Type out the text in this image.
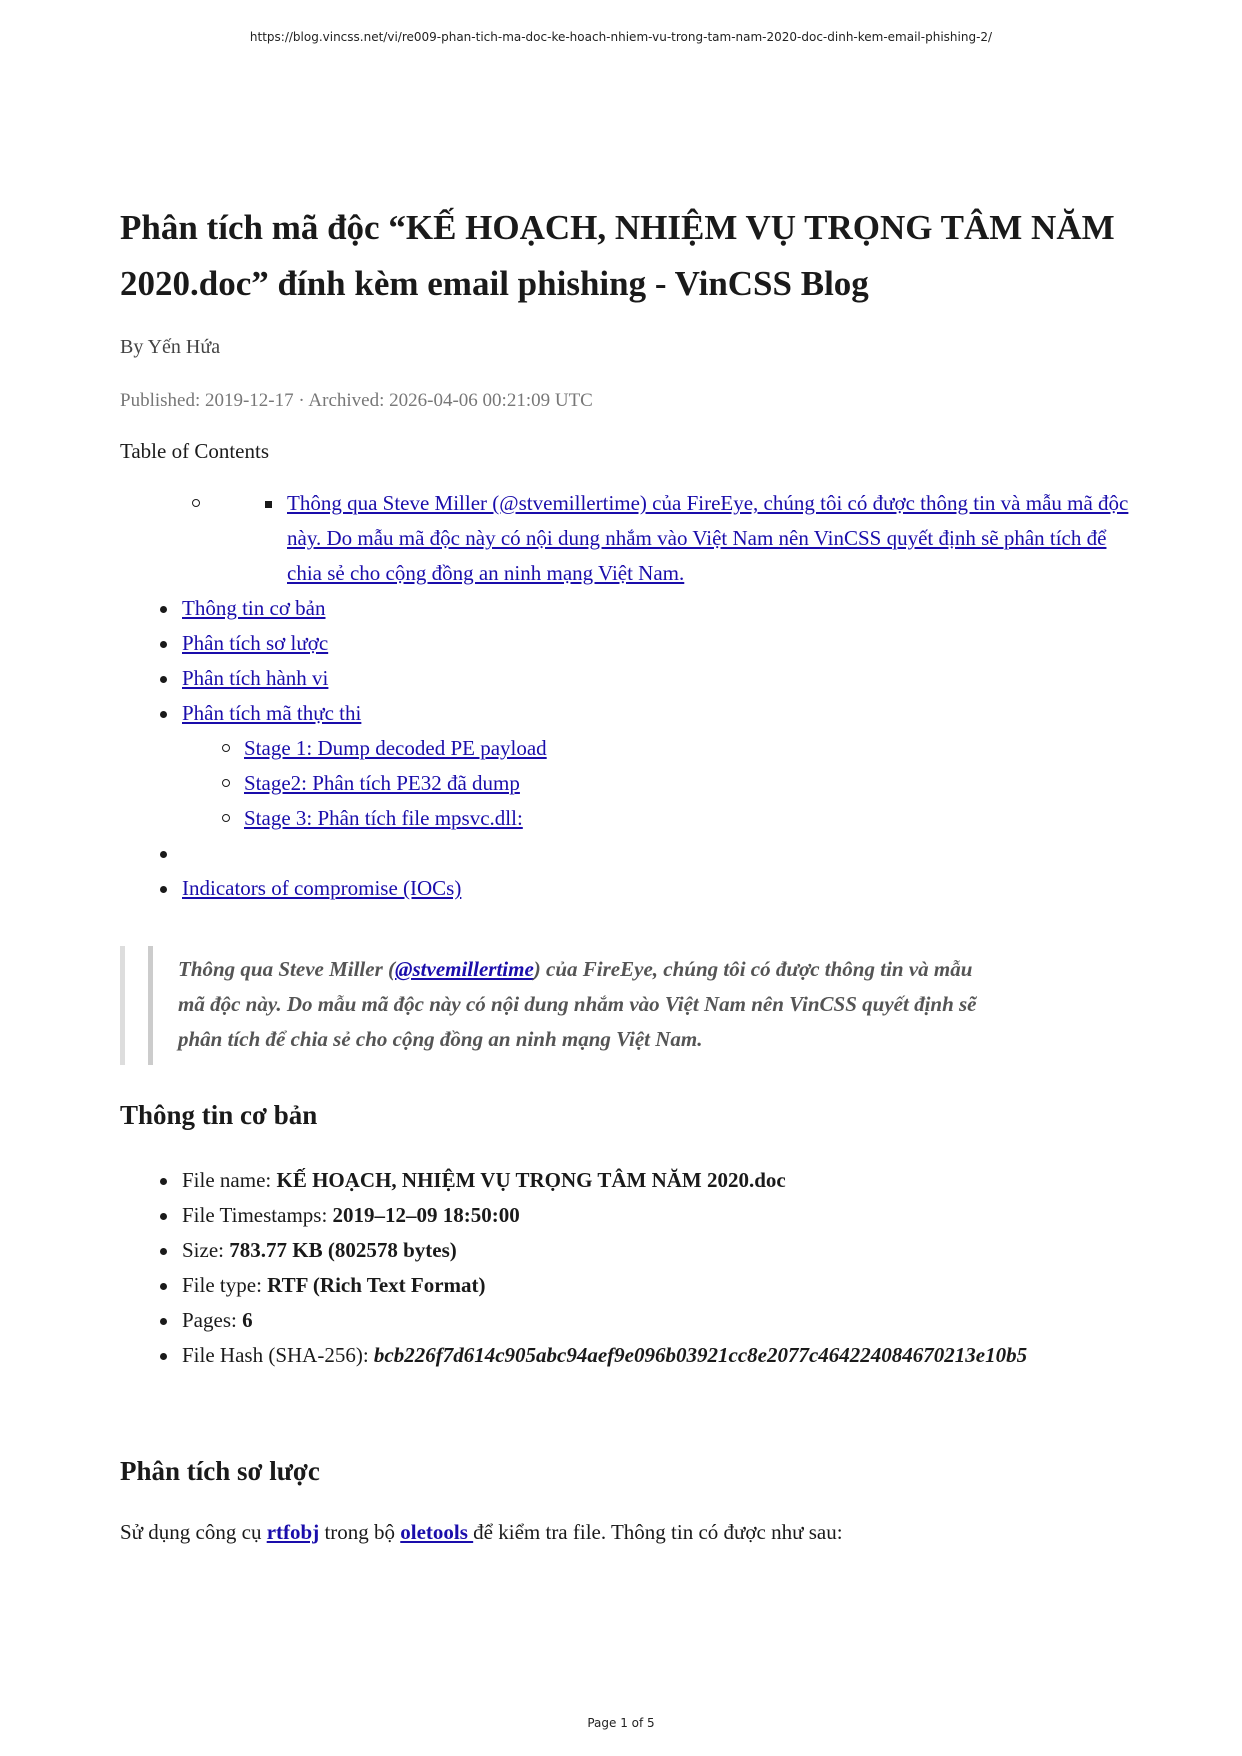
https://blog.vincss.net/vi/re009-phan-tich-ma-doc-ke-hoach-nhiem-vu-trong-tam-nam-2020-doc-dinh-kem-email-phishing-2/
Phân tích mã độc “KẾ HOẠCH, NHIỆM VỤ TRỌNG TÂM NĂM 2020.doc” đính kèm email phishing - VinCSS Blog
By Yến Hứa
Published: 2019-12-17 · Archived: 2026-04-06 00:21:09 UTC
Table of Contents
Thông qua Steve Miller (@stvemillertime) của FireEye, chúng tôi có được thông tin và mẫu mã độc này. Do mẫu mã độc này có nội dung nhắm vào Việt Nam nên VinCSS quyết định sẽ phân tích để chia sẻ cho cộng đồng an ninh mạng Việt Nam.
Thông tin cơ bản
Phân tích sơ lược
Phân tích hành vi
Phân tích mã thực thi
Stage 1: Dump decoded PE payload
Stage2: Phân tích PE32 đã dump
Stage 3: Phân tích file mpsvc.dll:
Indicators of compromise (IOCs)
Thông qua Steve Miller (@stvemillertime) của FireEye, chúng tôi có được thông tin và mẫu mã độc này. Do mẫu mã độc này có nội dung nhắm vào Việt Nam nên VinCSS quyết định sẽ phân tích để chia sẻ cho cộng đồng an ninh mạng Việt Nam.
Thông tin cơ bản
File name: KẾ HOẠCH, NHIỆM VỤ TRỌNG TÂM NĂM 2020.doc
File Timestamps: 2019–12–09 18:50:00
Size: 783.77 KB (802578 bytes)
File type: RTF (Rich Text Format)
Pages: 6
File Hash (SHA-256): bcb226f7d614c905abc94aef9e096b03921cc8e2077c464224084670213e10b5
Phân tích sơ lược

Sử dụng công cụ rtfobj trong bộ oletools để kiểm tra file. Thông tin có được như sau:

Page 1 of 5
